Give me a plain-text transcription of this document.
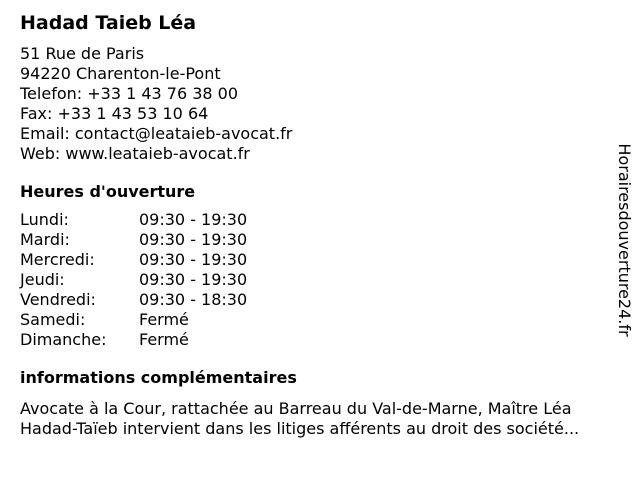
Hadad Taieb Léa
51 Rue de Paris
94220 Charenton-le-Pont
Telefon: +33 1 43 76 38 00
Fax: +33 1 43 53 10 64
Email: contact@leataieb-avocat.fr
Web: www.leataieb-avocat.fr
Heures d'ouverture
Lundi:	09:30 - 19:30
Mardi:	09:30 - 19:30
Mercredi:	09:30 - 19:30
Jeudi:	09:30 - 19:30
Vendredi:	09:30 - 18:30
Samedi:	Fermé
Dimanche:	Fermé
informations complémentaires
Avocate à la Cour, rattachée au Barreau du Val-de-Marne, Maître Léa
Hadad-Taïeb intervient dans les litiges afférents au droit des société...
Horairesdouverture24.fr
